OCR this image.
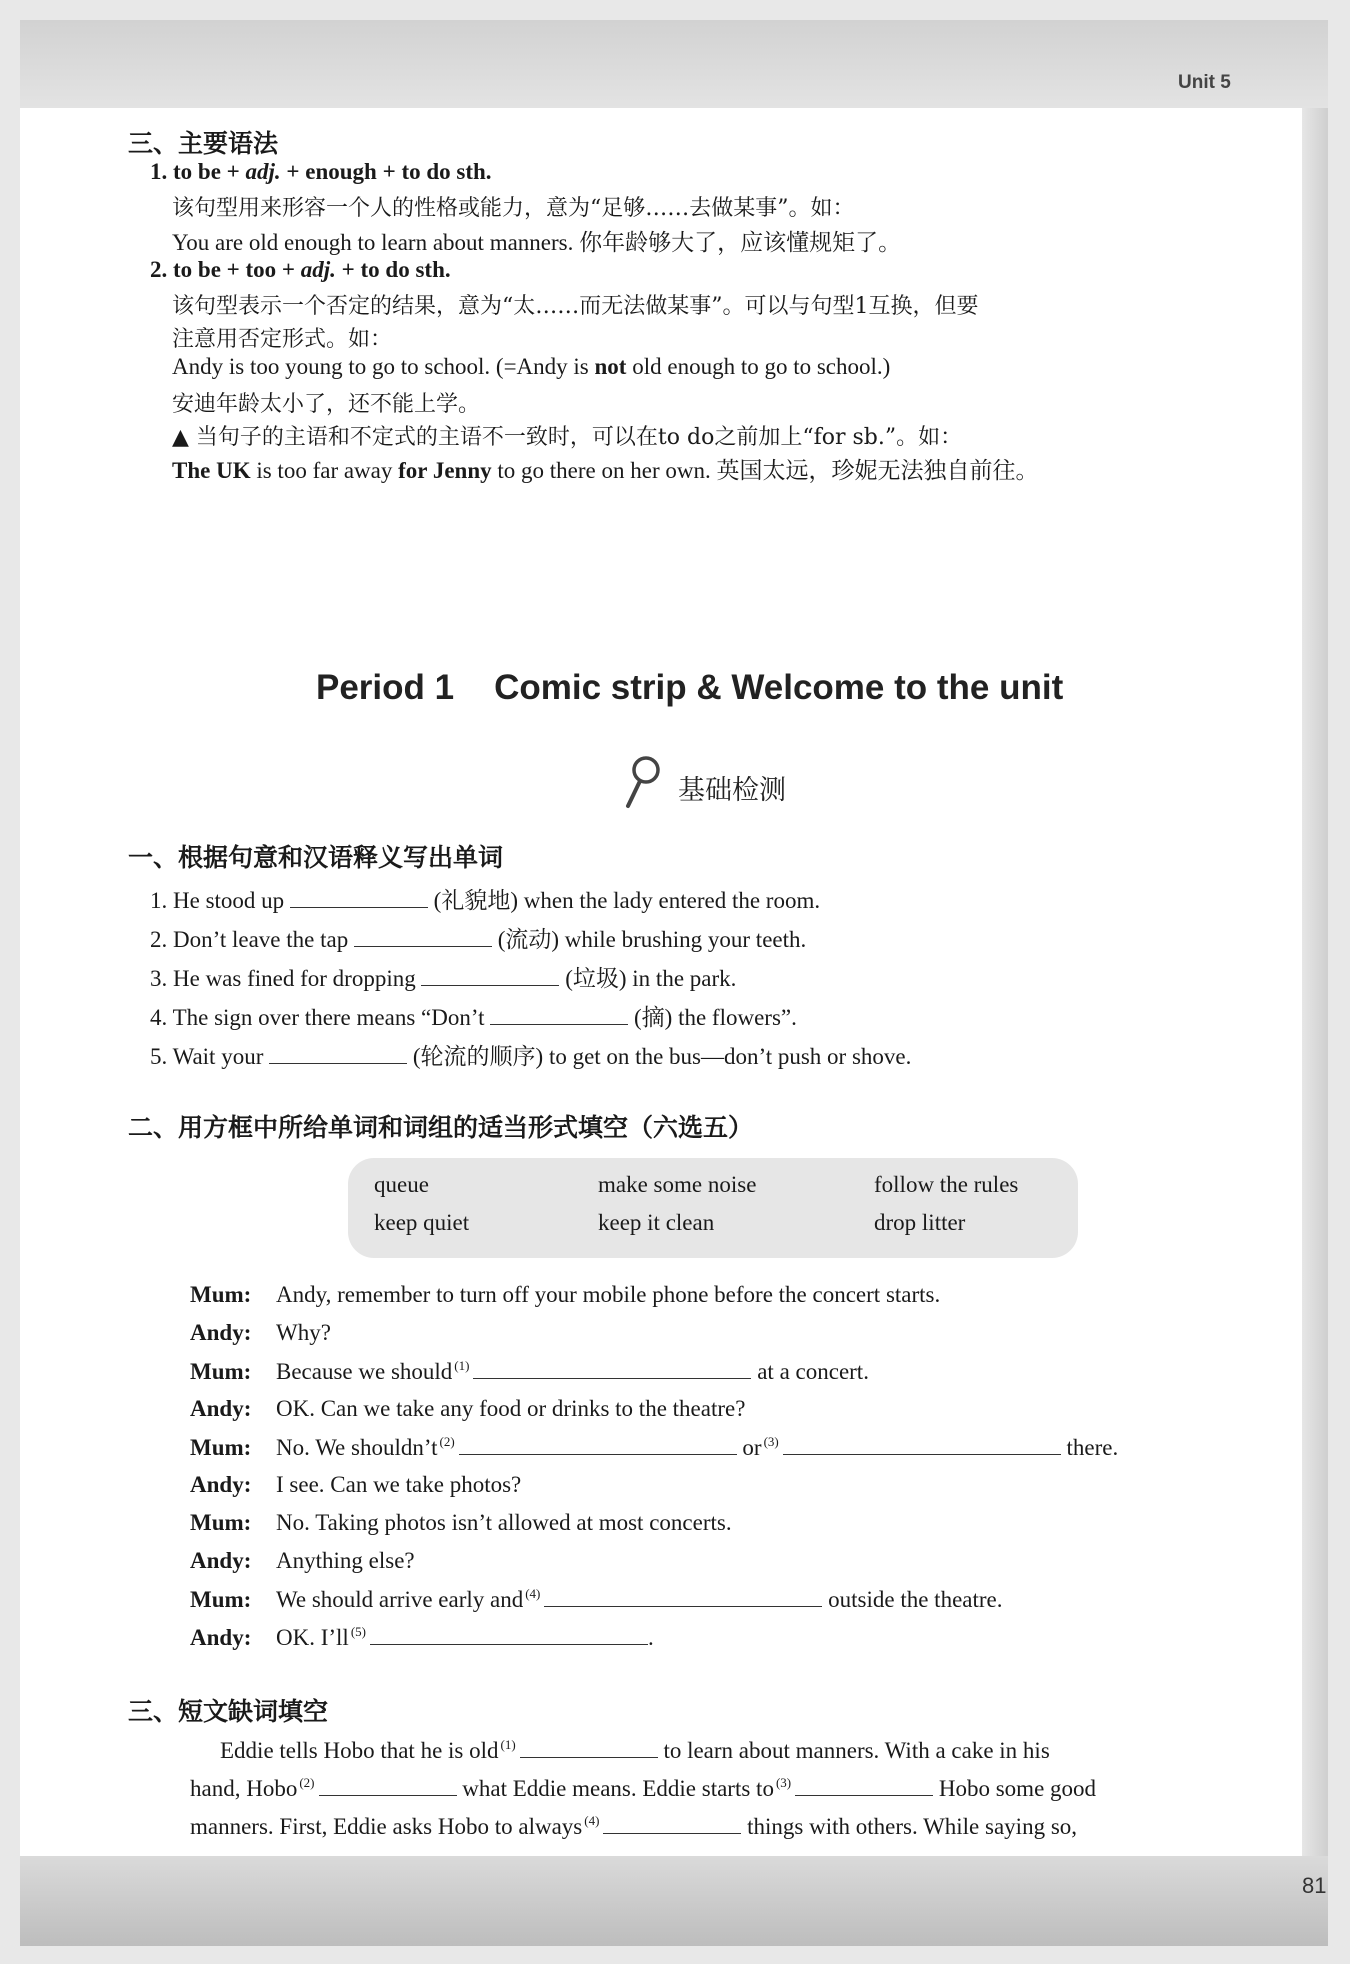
Unit 5
81
三、主要语法
1. to be + adj. + enough + to do sth.
该句型用来形容一个人的性格或能力，意为“足够……去做某事”。如：
You are old enough to learn about manners. 你年龄够大了，应该懂规矩了。
2. to be + too + adj. + to do sth.
该句型表示一个否定的结果，意为“太……而无法做某事”。可以与句型1互换，但要
注意用否定形式。如：
Andy is too young to go to school. (=Andy is not old enough to go to school.)
安迪年龄太小了，还不能上学。
▲ 当句子的主语和不定式的主语不一致时，可以在to do之前加上“for sb.”。如：
The UK is too far away for Jenny to go there on her own. 英国太远，珍妮无法独自前往。
Period 1 Comic strip & Welcome to the unit
基础检测
一、根据句意和汉语释义写出单词
1. He stood up	(礼貌地) when the lady entered the room.
2. Don’t leave the tap	(流动) while brushing your teeth.
3. He was fined for dropping	(垃圾) in the park.
4. The sign over there means “Don’t	(摘) the flowers”.
5. Wait your	(轮流的顺序) to get on the bus—don’t push or shove.
二、用方框中所给单词和词组的适当形式填空（六选五）
queue	make some noise	follow the rules
keep quiet	keep it clean	drop litter
Mum: Andy, remember to turn off your mobile phone before the concert starts.
Andy: Why?
Mum: Because we should $^{(1)}$	at a concert.
Andy: OK. Can we take any food or drinks to the theatre?
Mum: No. We shouldn’t $^{(2)}$	or $^{(3)}$	there.
Andy: I see. Can we take photos?
Mum: No. Taking photos isn’t allowed at most concerts.
Andy: Anything else?
Mum: We should arrive early and $^{(4)}$	outside the theatre.
Andy: OK. I’ll $^{(5)}$	.
三、短文缺词填空
Eddie tells Hobo that he is old $^{(1)}$	to learn about manners. With a cake in his
hand, Hobo $^{(2)}$	what Eddie means. Eddie starts to $^{(3)}$	Hobo some good
manners. First, Eddie asks Hobo to always $^{(4)}$	things with others. While saying so,
